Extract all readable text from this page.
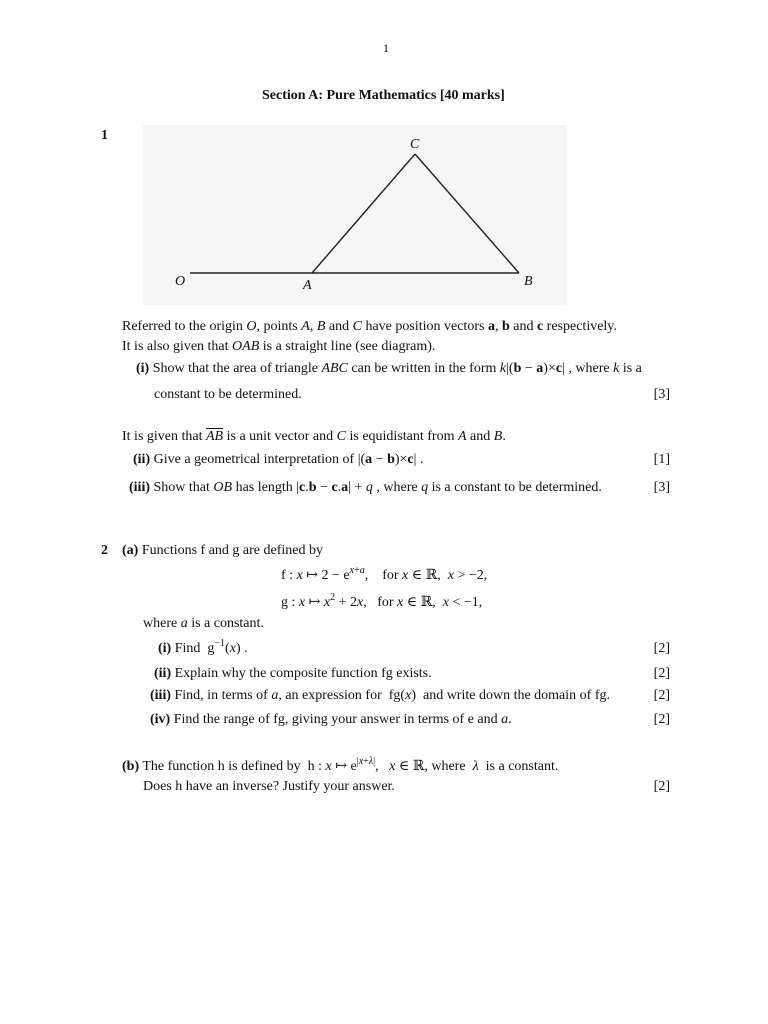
1
Section A: Pure Mathematics [40 marks]
1
C
O	A	B
Referred to the origin O, points A, B and C have position vectors a, b and c respectively.
It is also given that OAB is a straight line (see diagram).
(i) Show that the area of triangle ABC can be written in the form k|(b − a)×c| , where k is a
constant to be determined.	[3]
It is given that $\overline{AB}$ is a unit vector and C is equidistant from A and B.
(ii) Give a geometrical interpretation of |(a − b)×c| .	[1]
(iii) Show that OB has length |c.b − c.a| + q , where q is a constant to be determined.	[3]
2 (a) Functions f and g are defined by
f : x ↦ $2 - e^{x+a}$,    for x ∈ ℝ,  x > −2,
g : x ↦ $x^2 + 2x$,   for x ∈ ℝ,  x < −1,
where a is a constant.
(i) Find  $g^{-1}(x)$ .	[2]
(ii) Explain why the composite function fg exists.	[2]
(iii) Find, in terms of a, an expression for  fg(x)  and write down the domain of fg.	[2]
(iv) Find the range of fg, giving your answer in terms of e and a.	[2]
(b) The function h is defined by  h : x ↦ $e^{|x+\lambda|}$,   x ∈ ℝ, where  λ  is a constant.
Does h have an inverse? Justify your answer.	[2]
